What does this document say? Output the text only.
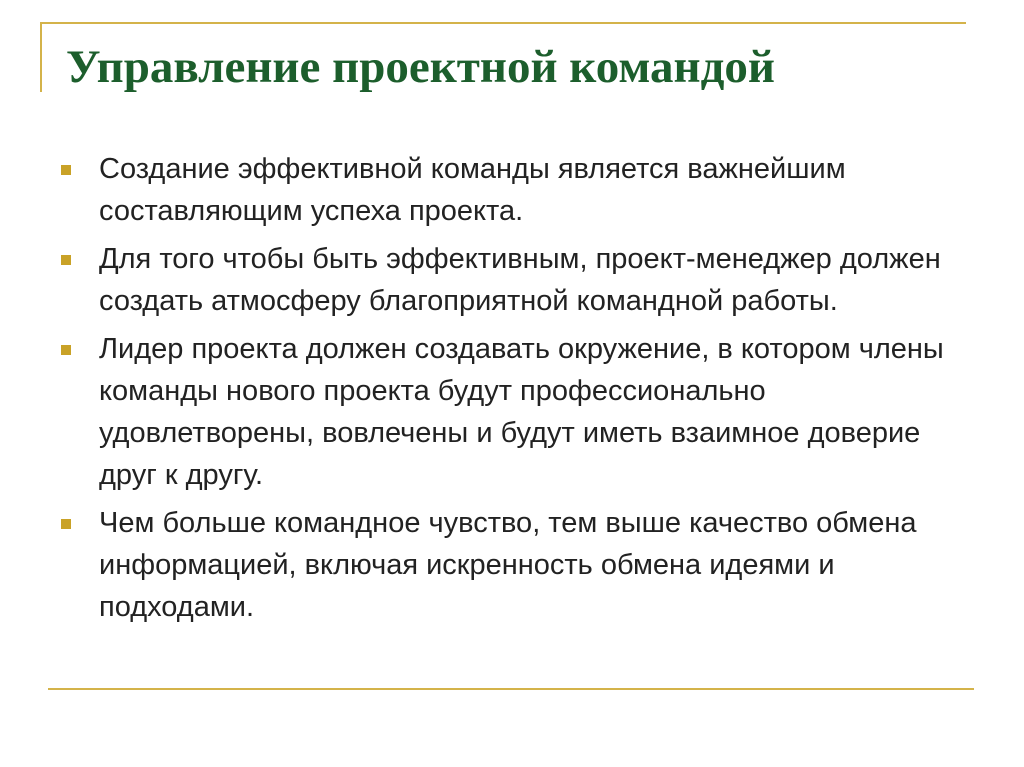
Управление проектной командой
Создание эффективной команды является важнейшим составляющим успеха проекта.
Для того чтобы быть эффективным, проект-менеджер должен создать атмосферу благоприятной командной работы.
Лидер проекта должен создавать окружение, в котором члены команды нового проекта будут профессионально удовлетворены, вовлечены и будут иметь взаимное доверие друг к другу.
Чем больше командное чувство, тем выше качество обмена информацией, включая искренность обмена идеями и подходами.
